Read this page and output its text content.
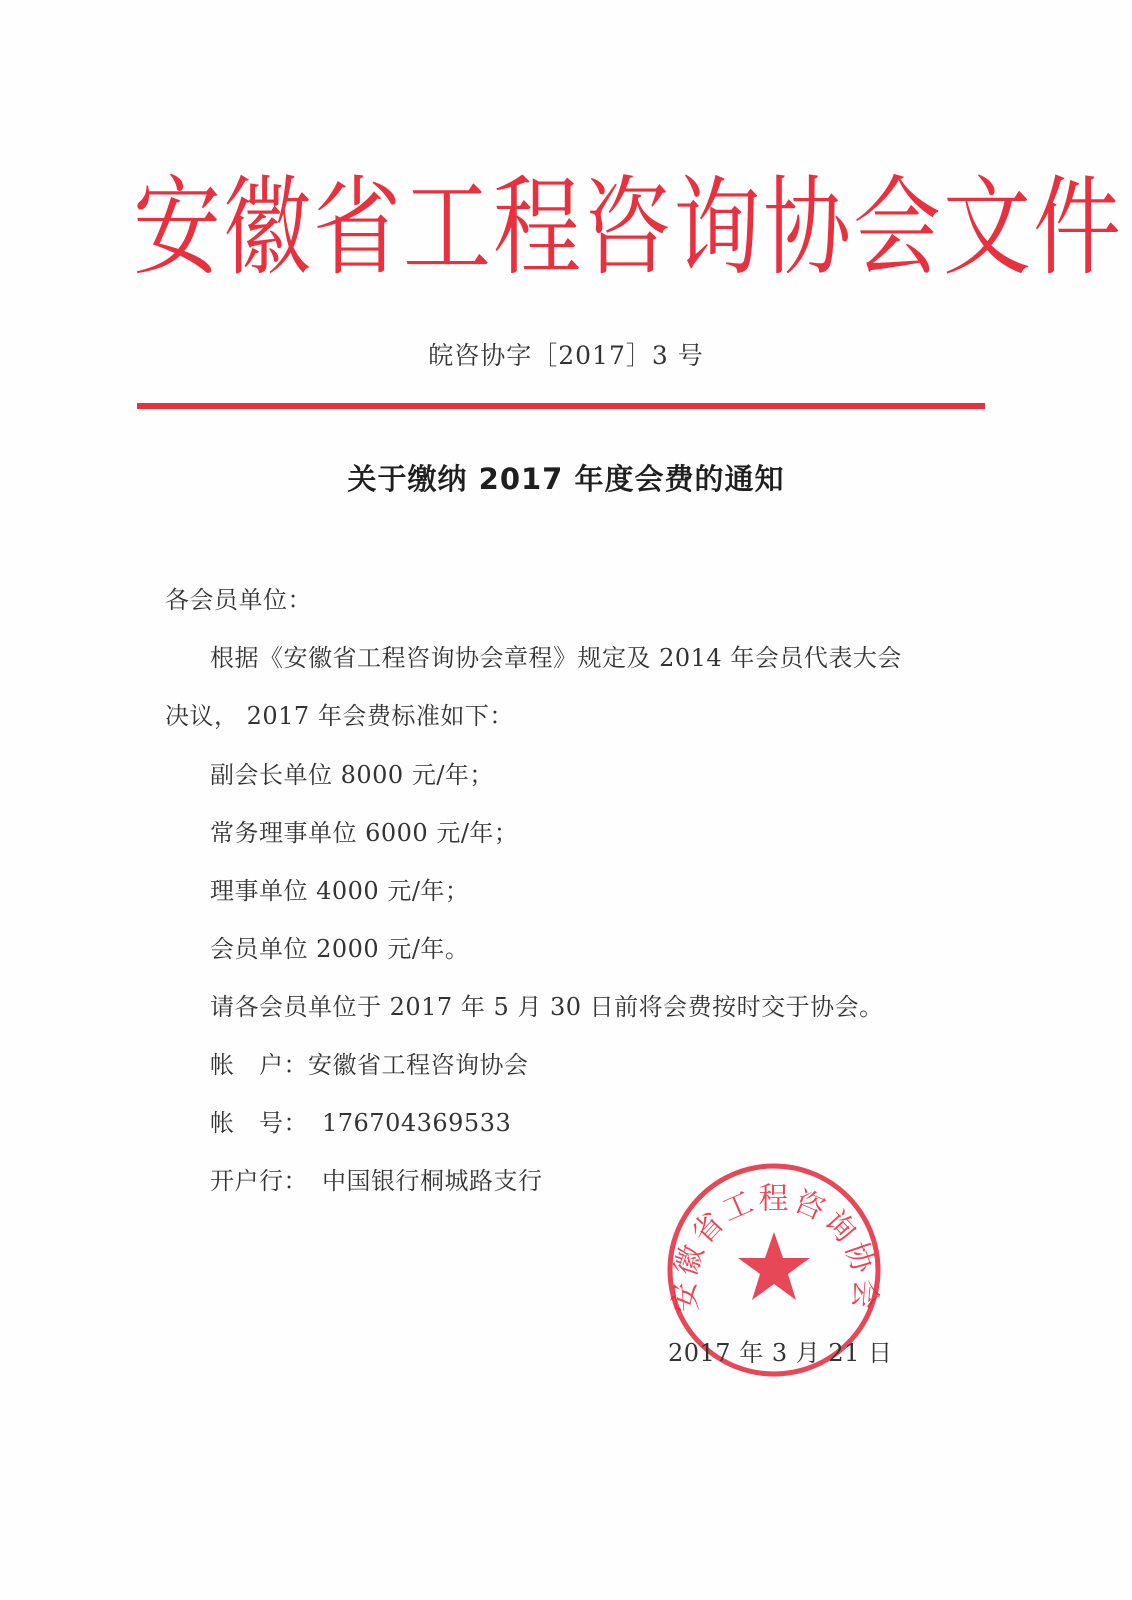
安徽省工程咨询协会文件
皖咨协字［2017］3 号
关于缴纳 2017 年度会费的通知
各会员单位：
根据《安徽省工程咨询协会章程》规定及 2014 年会员代表大会
决议， 2017 年会费标准如下：
副会长单位 8000 元/年；
常务理事单位 6000 元/年；
理事单位 4000 元/年；
会员单位 2000 元/年。
请各会员单位于 2017 年 5 月 30 日前将会费按时交于协会。
帐　户：安徽省工程咨询协会
帐　号： 176704369533
开户行： 中国银行桐城路支行
安徽省工程咨询协会
2017 年 3 月 21 日
